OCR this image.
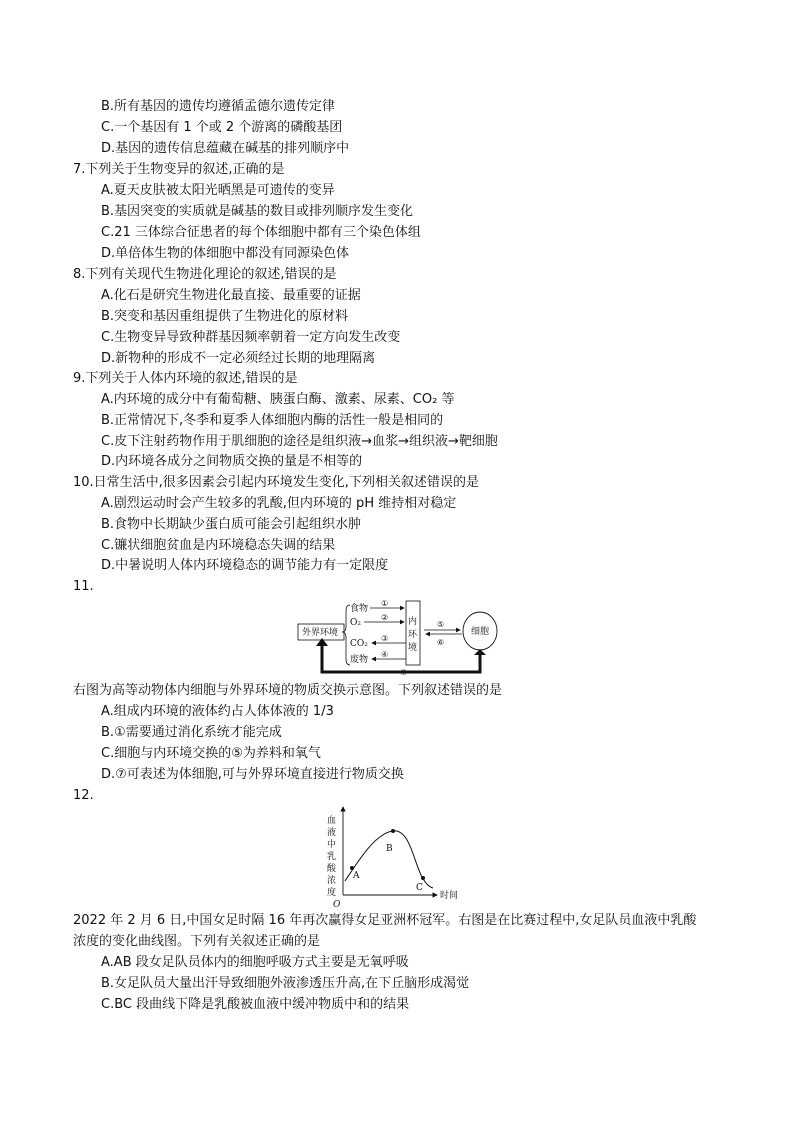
B.所有基因的遗传均遵循孟德尔遗传定律
C.一个基因有 1 个或 2 个游离的磷酸基团
D.基因的遗传信息蕴藏在碱基的排列顺序中
7.下列关于生物变异的叙述,正确的是
A.夏天皮肤被太阳光晒黑是可遗传的变异
B.基因突变的实质就是碱基的数目或排列顺序发生变化
C.21 三体综合征患者的每个体细胞中都有三个染色体组
D.单倍体生物的体细胞中都没有同源染色体
8.下列有关现代生物进化理论的叙述,错误的是
A.化石是研究生物进化最直接、最重要的证据
B.突变和基因重组提供了生物进化的原材料
C.生物变异导致种群基因频率朝着一定方向发生改变
D.新物种的形成不一定必须经过长期的地理隔离
9.下列关于人体内环境的叙述,错误的是
A.内环境的成分中有葡萄糖、胰蛋白酶、激素、尿素、CO₂ 等
B.正常情况下,冬季和夏季人体细胞内酶的活性一般是相同的
C.皮下注射药物作用于肌细胞的途径是组织液→血浆→组织液→靶细胞
D.内环境各成分之间物质交换的量是不相等的
10.日常生活中,很多因素会引起内环境发生变化,下列相关叙述错误的是
A.剧烈运动时会产生较多的乳酸,但内环境的 pH 维持相对稳定
B.食物中长期缺少蛋白质可能会引起组织水肿
C.镰状细胞贫血是内环境稳态失调的结果
D.中暑说明人体内环境稳态的调节能力有一定限度
11.
外界环境
食物
O₂
CO₂
废物
①
②
③
④
内
环
境
⑤
⑥
细胞
⑦
右图为高等动物体内细胞与外界环境的物质交换示意图。下列叙述错误的是
A.组成内环境的液体约占人体体液的 1/3
B.①需要通过消化系统才能完成
C.细胞与内环境交换的⑤为养料和氧气
D.⑦可表述为体细胞,可与外界环境直接进行物质交换
12.
血
液
中
乳
酸
浓
度
O
时间
A
B
C
2022 年 2 月 6 日,中国女足时隔 16 年再次赢得女足亚洲杯冠军。右图是在比赛过程中,女足队员血液中乳酸
浓度的变化曲线图。下列有关叙述正确的是
A.AB 段女足队员体内的细胞呼吸方式主要是无氧呼吸
B.女足队员大量出汗导致细胞外液渗透压升高,在下丘脑形成渴觉
C.BC 段曲线下降是乳酸被血液中缓冲物质中和的结果
